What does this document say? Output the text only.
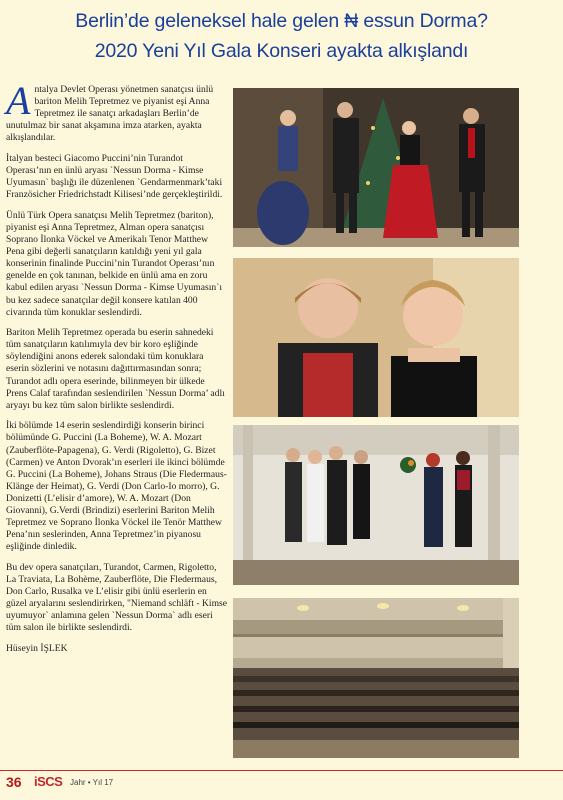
Berlin’de geleneksel hale gelen ₦ essun Dorma?
2020 Yeni Yıl Gala Konseri ayakta alkışlandı

Antalya Devlet Operası yönetmen sanatçısı ünlü bariton Melih Tepretmez ve piyanist eşi Anna Tepretmez ile sanatçı arkadaşları Berlin’de unutulmaz bir sanat akşamına imza atarken, ayakta alkışlandılar.

İtalyan besteci Giacomo Puccini’nin Turandot Operası’nın en ünlü aryası `Nessun Dorma - Kimse Uyumasın` başlığı ile düzenlenen `Gendarmenmark’taki Französicher Friedrichstadt Kilisesi’nde gerçekleştirildi.

Ünlü Türk Opera sanatçısı Melih Tepretmez (bariton), piyanist eşi Anna Tepretmez, Alman opera sanatçısı Soprano İlonka Vöckel ve Amerikalı Tenor Matthew Pena gibi değerli sanatçıların katıldığı yeni yıl gala konserinin finalinde Puccini’nin Turandot Operası’nın genelde en çok tanınan, belkide en ünlü ama en zoru kabul edilen aryası `Nessun Dorma - Kimse Uyumasın`ı bu kez sadece sanatçılar değil konsere katılan 400 civarında tüm konuklar seslendirdi.

Bariton Melih Tepretmez operada bu eserin sahnedeki tüm sanatçıların katılımıyla dev bir koro eşliğinde söylendiğini anons ederek salondaki tüm konuklara eserin sözlerini ve notasını dağıttırmasından sonra; Turandot adlı opera eserinde, bilinmeyen bir ülkede Prens Calaf tarafından seslendirilen `Nessun Dorma’ adlı aryayı bu kez tüm salon birlikte seslendirdi.

İki bölümde 14 eserin seslendirdiği konserin birinci bölümünde G. Puccini (La Boheme), W. A. Mozart (Zauberflöte-Papagena), G. Verdi (Rigoletto), G. Bizet (Carmen) ve Anton Dvorak’ın eserleri ile ikinci bölümde G. Puccini (La Boheme), Johans Straus (Die Fledermaus-Klänge der Heimat), G. Verdi (Don Carlo-Io morro), G. Donizetti (L’elisir d’amore), W. A. Mozart (Don Giovanni), G.Verdi (Brindizi) eserlerini Bariton Melih Tepretmez ve Soprano İlonka Vöckel ile Tenör Matthew Pena’nın seslerinden, Anna Tepretmez’in piyanosu eşliğinde dinledik.

Bu dev opera sanatçıları, Turandot, Carmen, Rigoletto, La Traviata, La Bohème, Zauberflöte, Die Fledermaus, Don Carlo, Rusalka ve L’elisir gibi ünlü eserlerin en güzel aryalarını seslendirirken, "Niemand schläft - Kimse uyumuyor` anlamına gelen `Nessun Dorma` adlı eseri tüm salon ile birlikte seslendirdi.

Hüseyin İŞLEK

36 iSCS Jahr • Yıl 17
